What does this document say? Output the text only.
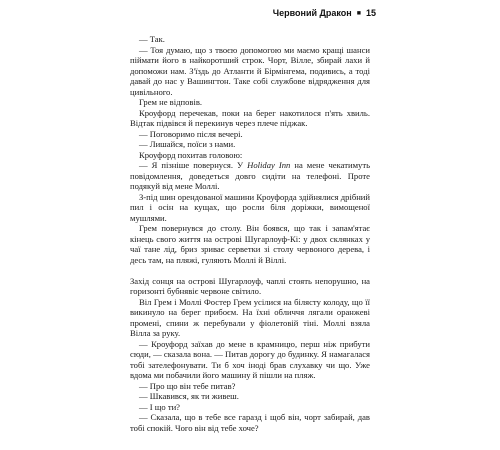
Червоний Дракон ■ 15

— Так.

— Тоя думаю, що з твоєю допомогою ми маємо кращі шанси піймати його в найкоротший строк. Чорт, Вілле, збирай лахи й допоможи нам. З'їздь до Атланти й Бірмінгема, подивись, а тоді давай до нас у Вашингтон. Таке собі службове відрядження для цивільного.

Грем не відповів.

Кроуфорд перечекав, поки на берег накотилося п'ять хвиль. Відтак підвівся й перекинув через плече піджак.

— Поговоримо після вечері.

— Лишайся, поїси з нами.

Кроуфорд похитав головою:

— Я пізніше повернуся. У Holiday Inn на мене чекатимуть повідомлення, доведеться довго сидіти на телефоні. Проте подякуй від мене Моллі.

З-під шин орендованої машини Кроуфорда здійнялися дрібний пил і осін на кущах, що росли біля доріжки, вимощеної мушлями.

Грем повернувся до столу. Він боявся, що так і запам'ятає кінець свого життя на острові Шугарлоуф-Кі: у двох склянках у чаї тане лід, бриз зриває серветки зі столу червоного дерева, і десь там, на пляжі, гуляють Моллі й Віллі.

Захід сонця на острові Шугарлоуф, чаплі стоять непорушно, на горизонті бубнявіє червоне світило.

Віл Грем і Моллі Фостер Грем усілися на білясту колоду, що її викинуло на берег прибоєм. На їхні обличчя лягали оранжеві промені, спини ж перебували у фіолетовій тіні. Моллі взяла Вілла за руку.

— Кроуфорд заїхав до мене в крамницю, перш ніж прибути сюди, — сказала вона. — Питав дорогу до будинку. Я намагалася тобі зателефонувати. Ти б хоч іноді брав слухавку чи що. Уже вдома ми побачили його машину й пішли на пляж.

— Про що він тебе питав?

— Шкавився, як ти живеш.

— І що ти?

— Сказала, що в тебе все гаразд і щоб він, чорт забирай, дав тобі спокій. Чого він від тебе хоче?
